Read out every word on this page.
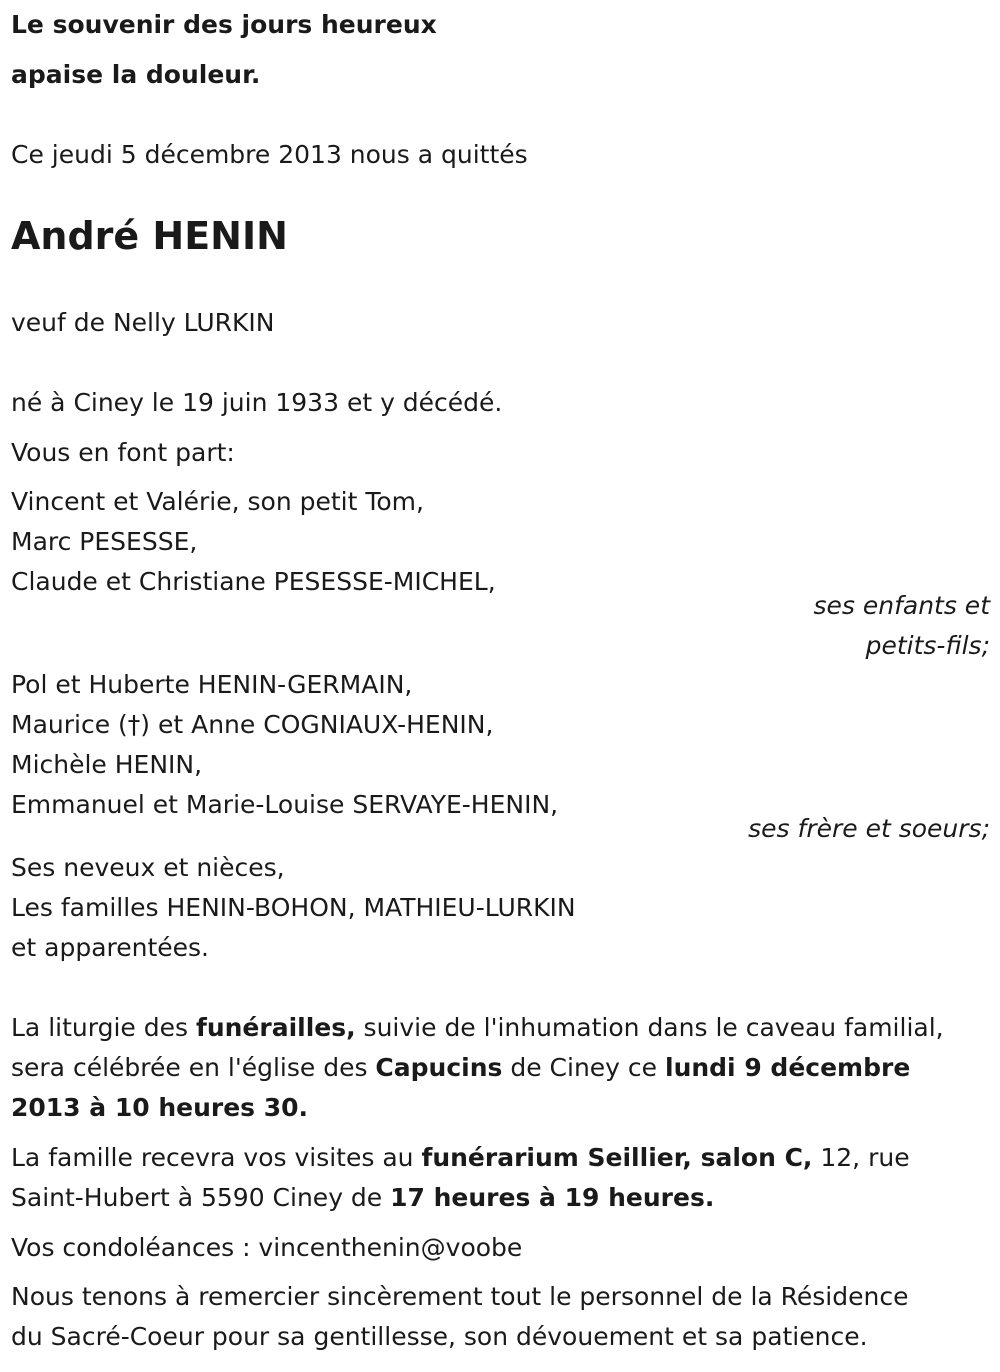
Le souvenir des jours heureux
apaise la douleur.
Ce jeudi 5 décembre 2013 nous a quittés
André HENIN
veuf de Nelly LURKIN
né à Ciney le 19 juin 1933 et y décédé.
Vous en font part:
Vincent et Valérie, son petit Tom,
Marc PESESSE,
Claude et Christiane PESESSE-MICHEL,
ses enfants et
petits-fils;
Pol et Huberte HENIN-GERMAIN,
Maurice (†) et Anne COGNIAUX-HENIN,
Michèle HENIN,
Emmanuel et Marie-Louise SERVAYE-HENIN,
ses frère et soeurs;
Ses neveux et nièces,
Les familles HENIN-BOHON, MATHIEU-LURKIN
et apparentées.
La liturgie des funérailles, suivie de l'inhumation dans le caveau familial,
sera célébrée en l'église des Capucins de Ciney ce lundi 9 décembre
2013 à 10 heures 30.
La famille recevra vos visites au funérarium Seillier, salon C, 12, rue
Saint-Hubert à 5590 Ciney de 17 heures à 19 heures.
Vos condoléances : vincenthenin@voobe
Nous tenons à remercier sincèrement tout le personnel de la Résidence
du Sacré-Coeur pour sa gentillesse, son dévouement et sa patience.
